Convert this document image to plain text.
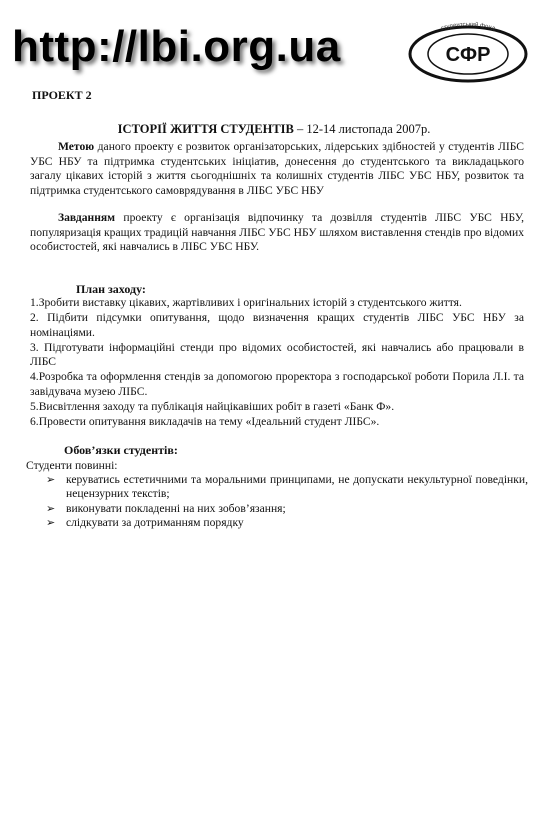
http://lbi.org.ua	СФР
студентський фонд
ПРОЕКТ 2
ІСТОРІЇ ЖИТТЯ СТУДЕНТІВ – 12-14 листопада 2007р.

Метою даного проекту є розвиток організаторських, лідерських здібностей у студентів ЛІБС УБС НБУ та підтримка студентських ініціатив, донесення до студентського та викладацького загалу цікавих історій з життя сьогоднішніх та колишніх студентів ЛІБС УБС НБУ, розвиток та підтримка студентського самоврядування в ЛІБС УБС НБУ

Завданням проекту є організація відпочинку та дозвілля студентів ЛІБС УБС НБУ, популяризація кращих традицій навчання ЛІБС УБС НБУ шляхом виставлення стендів про відомих особистостей, які навчались в ЛІБС УБС НБУ.

План заходу:
1.Зробити виставку цікавих, жартівливих і оригінальних історій з студентського життя.
2. Підбити підсумки опитування, щодо визначення кращих студентів ЛІБС УБС НБУ за номінаціями.
3. Підготувати інформаційні стенди про відомих особистостей, які навчались або працювали в ЛІБС
4.Розробка та оформлення стендів за допомогою проректора з господарської роботи Порила Л.І. та завідувача музею ЛІБС.
5.Висвітлення заходу та публікація найцікавіших робіт в газеті «Банк Ф».
6.Провести опитування викладачів на тему «Ідеальний студент ЛІБС».
Обов’язки студентів:
Студенти повинні:
➢ керуватись естетичними та моральними принципами, не допускати некультурної поведінки, нецензурних текстів;
➢ виконувати покладенні на них зобов’язання;
➢ слідкувати за дотриманням порядку
